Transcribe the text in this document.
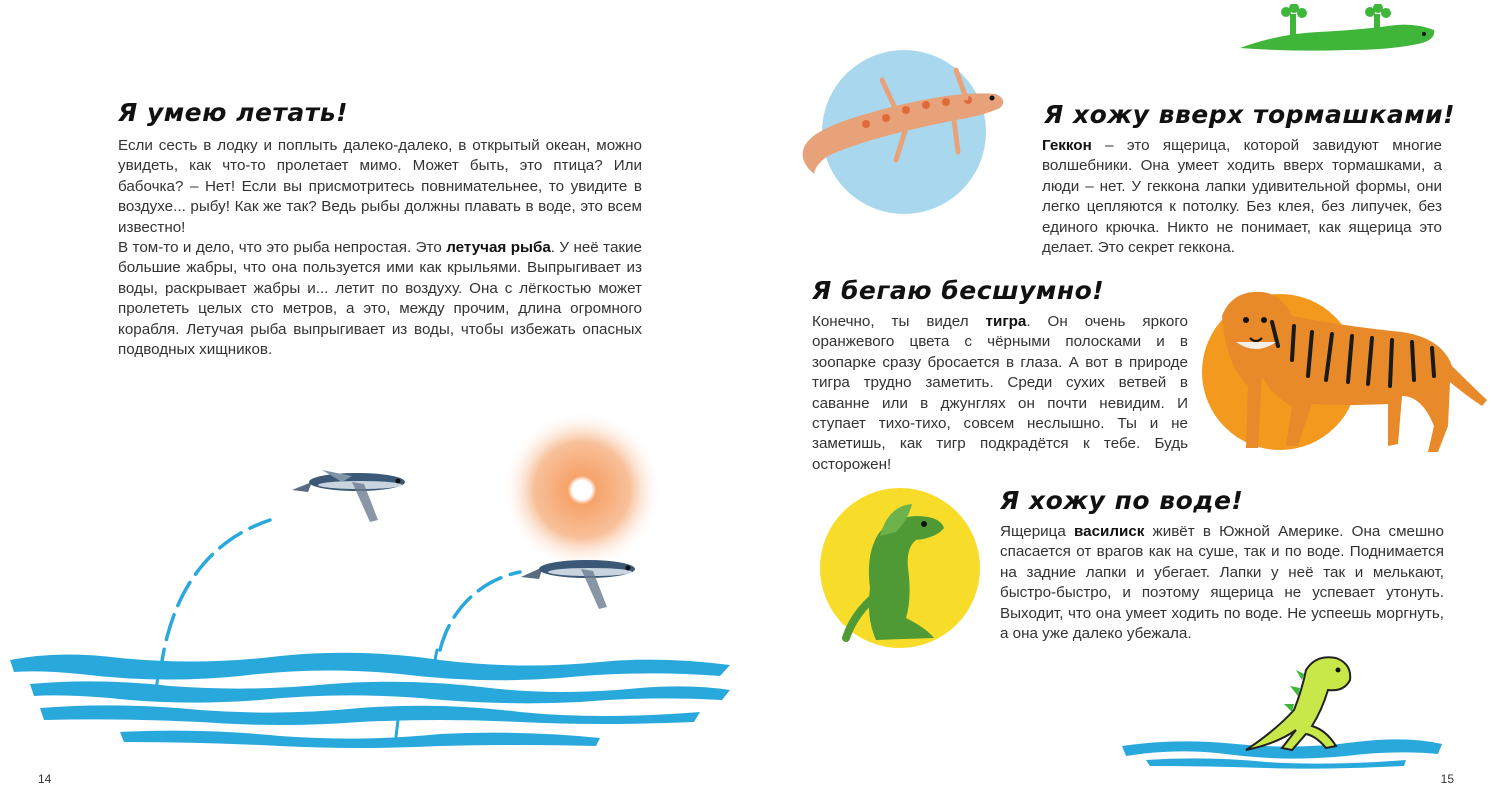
Я умею летать!

Если сесть в лодку и поплыть далеко-далеко, в открытый океан, можно увидеть, как что-то пролетает мимо. Может быть, это птица? Или бабочка? – Нет! Если вы присмотритесь повнимательнее, то увидите в воздухе... рыбу! Как же так? Ведь рыбы должны плавать в воде, это всем известно!

В том-то и дело, что это рыба непростая. Это летучая рыба. У неё такие большие жабры, что она пользуется ими как крыльями. Выпрыгивает из воды, раскрывает жабры и... летит по воздуху. Она с лёгкостью может пролететь целых сто метров, а это, между прочим, длина огромного корабля. Летучая рыба выпрыгивает из воды, чтобы избежать опасных подводных хищников.

14
Я хожу вверх тормашками!

Геккон – это ящерица, которой завидуют многие волшебники. Она умеет ходить вверх тормашками, а люди – нет. У геккона лапки удивительной формы, они легко цепляются к потолку. Без клея, без липучек, без единого крючка. Никто не понимает, как ящерица это делает. Это секрет геккона.

Я бегаю бесшумно!

Конечно, ты видел тигра. Он очень яркого оранжевого цвета с чёрными полосками и в зоопарке сразу бросается в глаза. А вот в природе тигра трудно заметить. Среди сухих ветвей в саванне или в джунглях он почти невидим. И ступает тихо-тихо, совсем неслышно. Ты и не заметишь, как тигр подкрадётся к тебе. Будь осторожен!

Я хожу по воде!

Ящерица василиск живёт в Южной Америке. Она смешно спасается от врагов как на суше, так и по воде. Поднимается на задние лапки и убегает. Лапки у неё так и мелькают, быстро-быстро, и поэтому ящерица не успевает утонуть. Выходит, что она умеет ходить по воде. Не успеешь моргнуть, а она уже далеко убежала.

15
